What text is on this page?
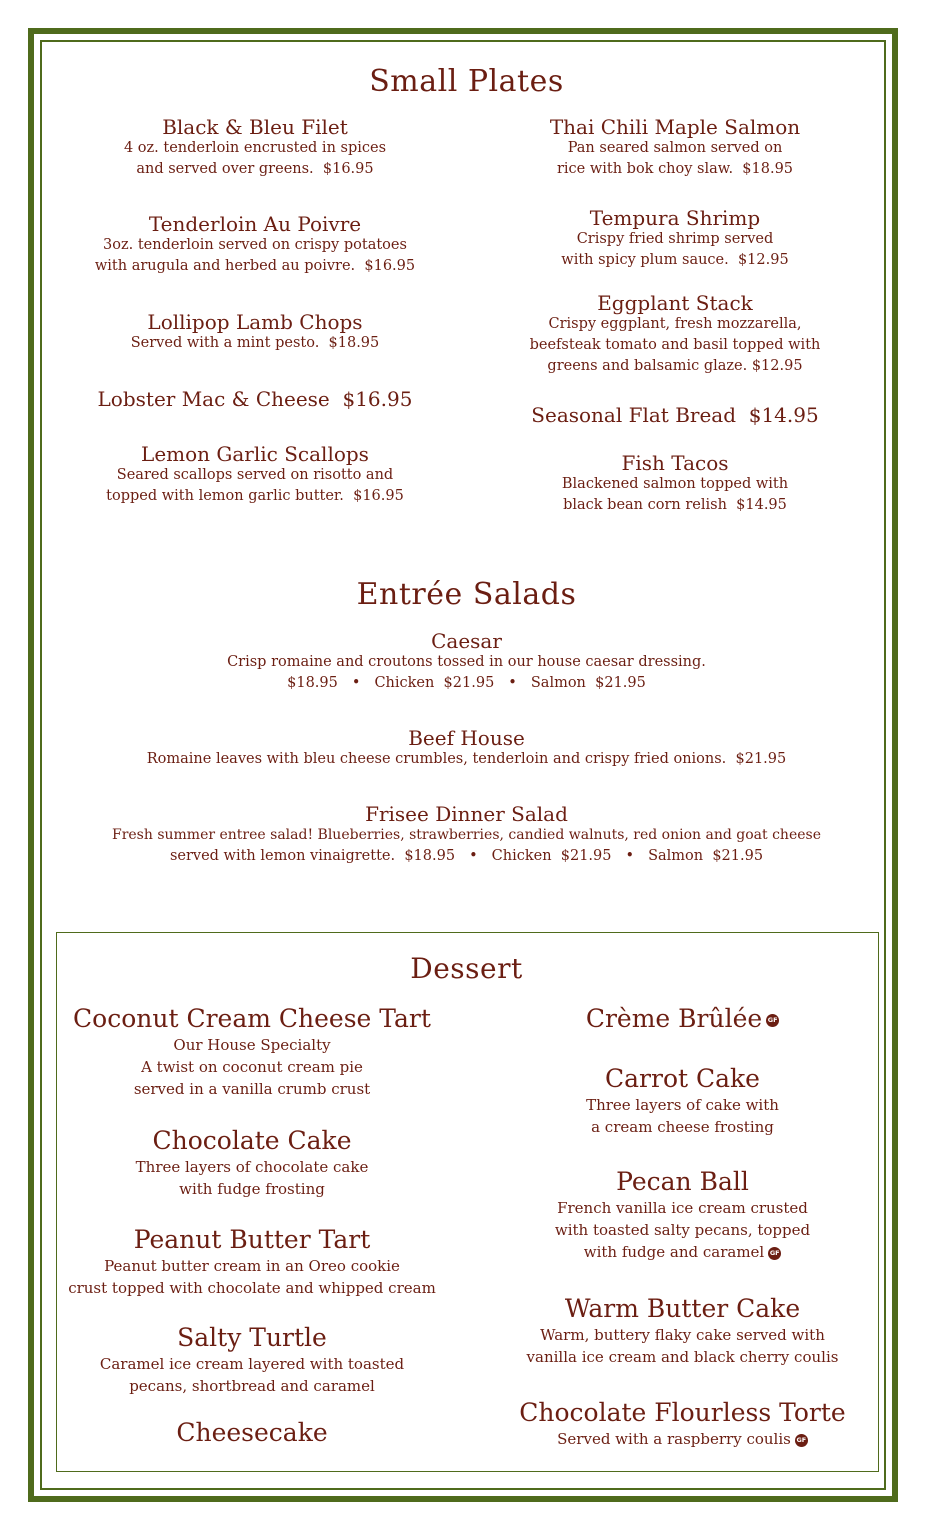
Small Plates
Black & Bleu Filet
4 oz. tenderloin encrusted in spices
and served over greens.  $16.95
Tenderloin Au Poivre
3oz. tenderloin served on crispy potatoes
with arugula and herbed au poivre.  $16.95
Lollipop Lamb Chops
Served with a mint pesto.  $18.95
Lobster Mac & Cheese  $16.95
Lemon Garlic Scallops
Seared scallops served on risotto and
topped with lemon garlic butter.  $16.95
Thai Chili Maple Salmon
Pan seared salmon served on
rice with bok choy slaw.  $18.95
Tempura Shrimp
Crispy fried shrimp served
with spicy plum sauce.  $12.95
Eggplant Stack
Crispy eggplant, fresh mozzarella,
beefsteak tomato and basil topped with
greens and balsamic glaze. $12.95
Seasonal Flat Bread  $14.95
Fish Tacos
Blackened salmon topped with
black bean corn relish  $14.95
Entrée Salads
Caesar
Crisp romaine and croutons tossed in our house caesar dressing.
$18.95 • Chicken  $21.95 • Salmon  $21.95
Beef House
Romaine leaves with bleu cheese crumbles, tenderloin and crispy fried onions.  $21.95
Frisee Dinner Salad
Fresh summer entree salad! Blueberries, strawberries, candied walnuts, red onion and goat cheese
served with lemon vinaigrette.  $18.95 • Chicken  $21.95 • Salmon  $21.95
Dessert
Coconut Cream Cheese Tart
Our House Specialty
A twist on coconut cream pie
served in a vanilla crumb crust
Chocolate Cake
Three layers of chocolate cake
with fudge frosting
Peanut Butter Tart
Peanut butter cream in an Oreo cookie
crust topped with chocolate and whipped cream
Salty Turtle
Caramel ice cream layered with toasted
pecans, shortbread and caramel
Cheesecake
Crème Brûlée GF
Carrot Cake
Three layers of cake with
a cream cheese frosting
Pecan Ball
French vanilla ice cream crusted
with toasted salty pecans, topped
with fudge and caramel GF
Warm Butter Cake
Warm, buttery flaky cake served with
vanilla ice cream and black cherry coulis
Chocolate Flourless Torte
Served with a raspberry coulis GF
